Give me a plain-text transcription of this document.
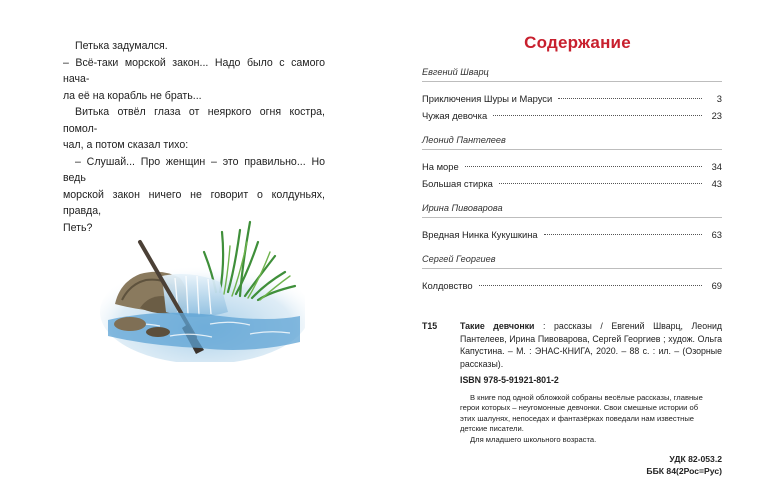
Петька задумался.
– Всё-таки морской закон... Надо было с самого нача-
ла её на корабль не брать...
Витька отвёл глаза от неяркого огня костра, помол-
чал, а потом сказал тихо:
– Слушай... Про женщин – это правильно... Но ведь
морской закон ничего не говорит о колдуньях, правда,
Петь?
Содержание
Евгений Шварц
Приключения Шуры и Маруси	3
Чужая девочка	23
Леонид Пантелеев
На море	34
Большая стирка	43
Ирина Пивоварова
Вредная Нинка Кукушкина	63
Сергей Георгиев
Колдовство	69
Т15	Такие девчонки : рассказы / Евгений Шварц, Леонид Пантелеев, Ирина Пивоварова, Сергей Георгиев ; худож. Ольга Капустина. – М. : ЭНАС-КНИГА, 2020. – 88 с. : ил. – (Озорные рассказы).
ISBN 978-5-91921-801-2
В книге под одной обложкой собраны весёлые рассказы, главные герои которых – неугомонные девчонки. Свои смешные истории об этих шалунях, непоседах и фантазёрках поведали нам известные детские писатели.
Для младшего школьного возраста.
УДК 82-053.2
ББК 84(2Рос=Рус)
